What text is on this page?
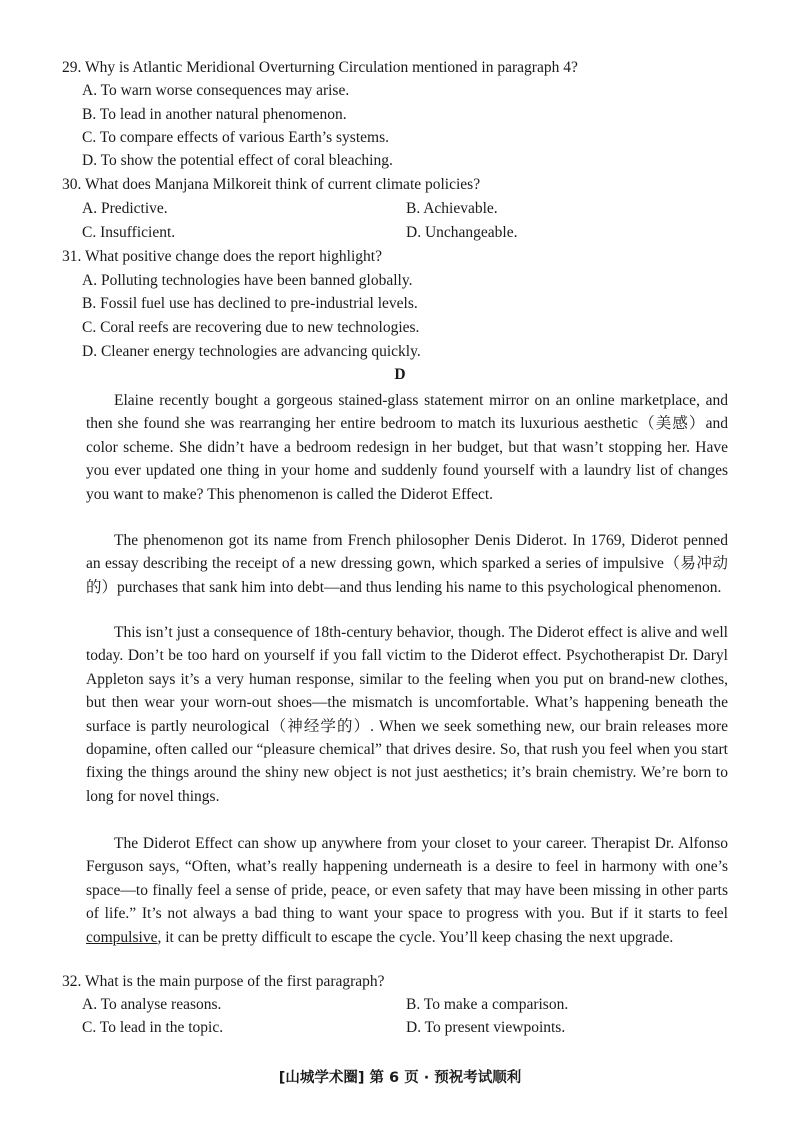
29. Why is Atlantic Meridional Overturning Circulation mentioned in paragraph 4?
A. To warn worse consequences may arise.
B. To lead in another natural phenomenon.
C. To compare effects of various Earth’s systems.
D. To show the potential effect of coral bleaching.
30. What does Manjana Milkoreit think of current climate policies?
A. Predictive.	B. Achievable.
C. Insufficient.	D. Unchangeable.
31. What positive change does the report highlight?
A. Polluting technologies have been banned globally.
B. Fossil fuel use has declined to pre-industrial levels.
C. Coral reefs are recovering due to new technologies.
D. Cleaner energy technologies are advancing quickly.
D

Elaine recently bought a gorgeous stained-glass statement mirror on an online marketplace, and then she found she was rearranging her entire bedroom to match its luxurious aesthetic（美感）and color scheme. She didn’t have a bedroom redesign in her budget, but that wasn’t stopping her. Have you ever updated one thing in your home and suddenly found yourself with a laundry list of changes you want to make? This phenomenon is called the Diderot Effect.

The phenomenon got its name from French philosopher Denis Diderot. In 1769, Diderot penned an essay describing the receipt of a new dressing gown, which sparked a series of impulsive（易冲动的）purchases that sank him into debt—and thus lending his name to this psychological phenomenon.

This isn’t just a consequence of 18th-century behavior, though. The Diderot effect is alive and well today. Don’t be too hard on yourself if you fall victim to the Diderot effect. Psychotherapist Dr. Daryl Appleton says it’s a very human response, similar to the feeling when you put on brand-new clothes, but then wear your worn-out shoes—the mismatch is uncomfortable. What’s happening beneath the surface is partly neurological（神经学的）. When we seek something new, our brain releases more dopamine, often called our “pleasure chemical” that drives desire. So, that rush you feel when you start fixing the things around the shiny new object is not just aesthetics; it’s brain chemistry. We’re born to long for novel things.

The Diderot Effect can show up anywhere from your closet to your career. Therapist Dr. Alfonso Ferguson says, “Often, what’s really happening underneath is a desire to feel in harmony with one’s space—to finally feel a sense of pride, peace, or even safety that may have been missing in other parts of life.” It’s not always a bad thing to want your space to progress with you. But if it starts to feel compulsive, it can be pretty difficult to escape the cycle. You’ll keep chasing the next upgrade.

32. What is the main purpose of the first paragraph?
A. To analyse reasons.	B. To make a comparison.
C. To lead in the topic.	D. To present viewpoints.
[山城学术圈] 第 6 页 · 预祝考试顺利
